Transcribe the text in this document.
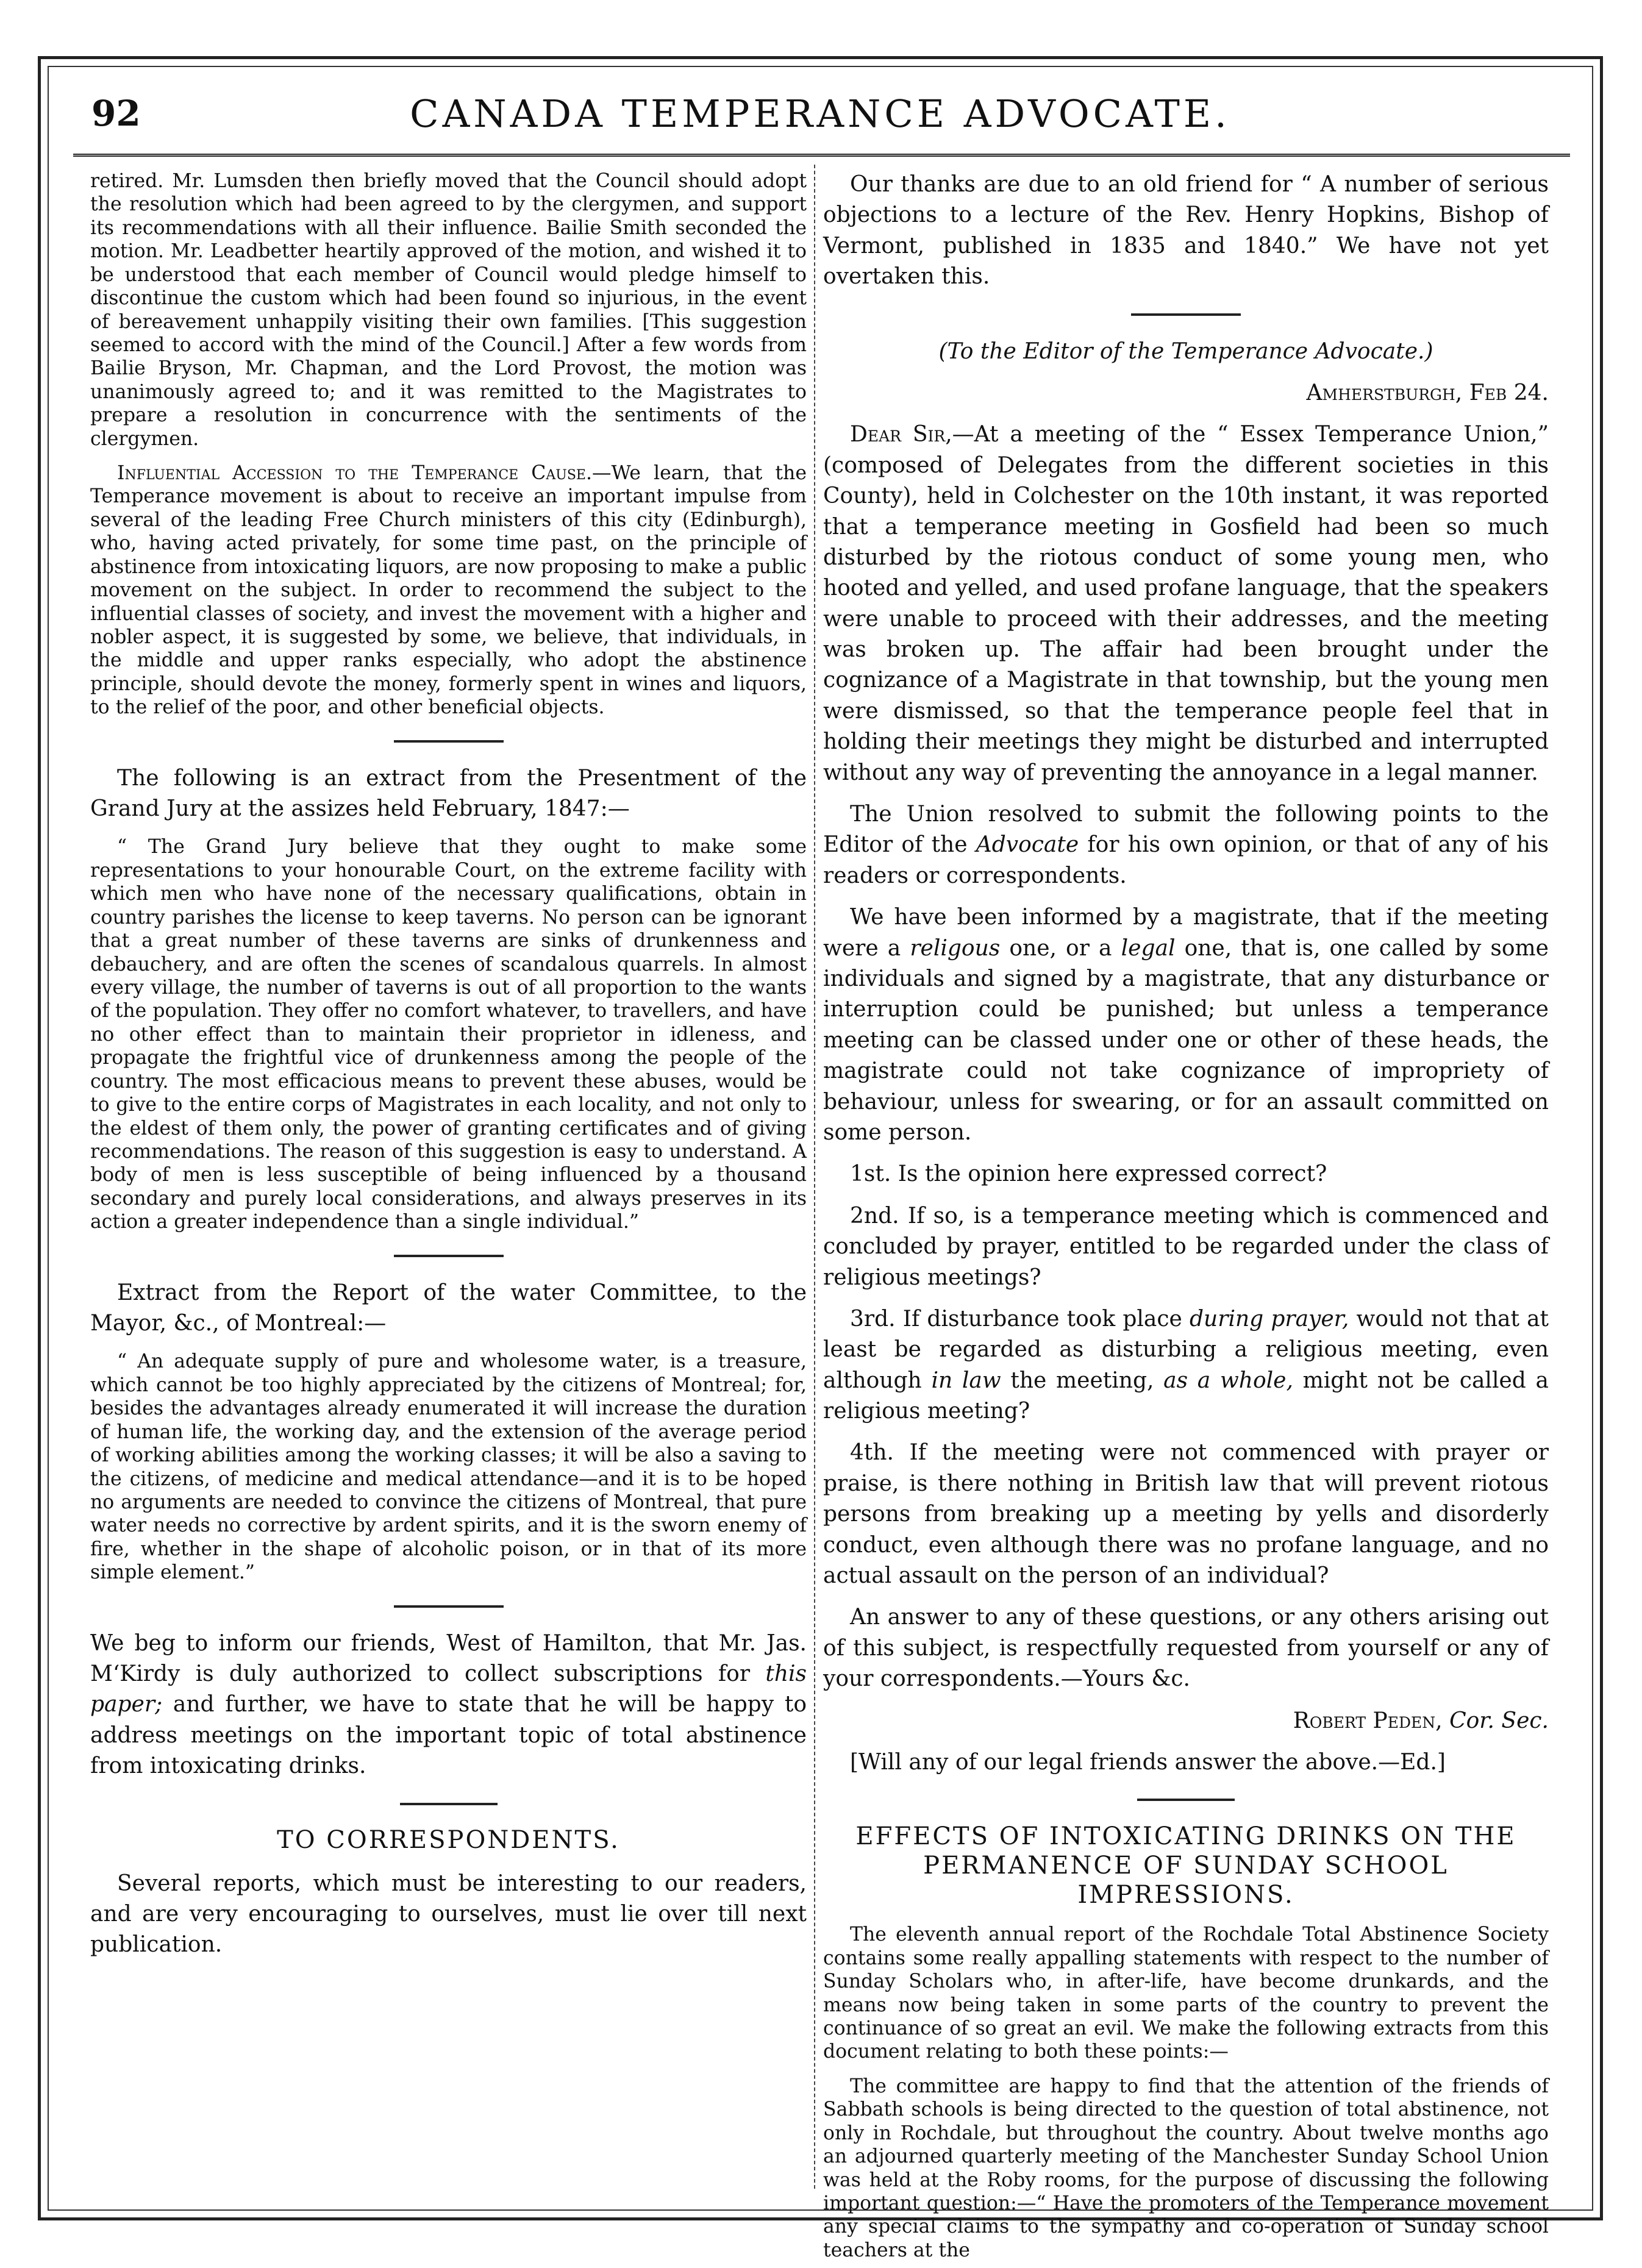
92	CANADA TEMPERANCE ADVOCATE.

retired. Mr. Lumsden then briefly moved that the Council should adopt the resolution which had been agreed to by the clergymen, and support its recommendations with all their influence. Bailie Smith seconded the motion. Mr. Leadbetter heartily approved of the motion, and wished it to be understood that each member of Council would pledge himself to discontinue the custom which had been found so injurious, in the event of bereavement unhappily visiting their own families. [This suggestion seemed to accord with the mind of the Council.] After a few words from Bailie Bryson, Mr. Chapman, and the Lord Provost, the motion was unanimously agreed to; and it was remitted to the Magistrates to prepare a resolution in concurrence with the sentiments of the clergymen.

Influential Accession to the Temperance Cause.—We learn, that the Temperance movement is about to receive an important impulse from several of the leading Free Church ministers of this city (Edinburgh), who, having acted privately, for some time past, on the principle of abstinence from intoxicating liquors, are now proposing to make a public movement on the subject. In order to recommend the subject to the influential classes of society, and invest the movement with a higher and nobler aspect, it is suggested by some, we believe, that individuals, in the middle and upper ranks especially, who adopt the abstinence principle, should devote the money, formerly spent in wines and liquors, to the relief of the poor, and other beneficial objects.

The following is an extract from the Presentment of the Grand Jury at the assizes held February, 1847:—

“ The Grand Jury believe that they ought to make some representations to your honourable Court, on the extreme facility with which men who have none of the necessary qualifications, obtain in country parishes the license to keep taverns. No person can be ignorant that a great number of these taverns are sinks of drunkenness and debauchery, and are often the scenes of scandalous quarrels. In almost every village, the number of taverns is out of all proportion to the wants of the population. They offer no comfort whatever, to travellers, and have no other effect than to maintain their proprietor in idleness, and propagate the frightful vice of drunkenness among the people of the country. The most efficacious means to prevent these abuses, would be to give to the entire corps of Magistrates in each locality, and not only to the eldest of them only, the power of granting certificates and of giving recommendations. The reason of this suggestion is easy to understand. A body of men is less susceptible of being influenced by a thousand secondary and purely local considerations, and always preserves in its action a greater independence than a single individual.”

Extract from the Report of the water Committee, to the Mayor, &c., of Montreal:—

“ An adequate supply of pure and wholesome water, is a treasure, which cannot be too highly appreciated by the citizens of Montreal; for, besides the advantages already enumerated it will increase the duration of human life, the working day, and the extension of the average period of working abilities among the working classes; it will be also a saving to the citizens, of medicine and medical attendance—and it is to be hoped no arguments are needed to convince the citizens of Montreal, that pure water needs no corrective by ardent spirits, and it is the sworn enemy of fire, whether in the shape of alcoholic poison, or in that of its more simple element.”

We beg to inform our friends, West of Hamilton, that Mr. Jas. M‘Kirdy is duly authorized to collect subscriptions for this paper; and further, we have to state that he will be happy to address meetings on the important topic of total abstinence from intoxicating drinks.

TO CORRESPONDENTS.

Several reports, which must be interesting to our readers, and are very encouraging to ourselves, must lie over till next publication.

Our thanks are due to an old friend for “ A number of serious objections to a lecture of the Rev. Henry Hopkins, Bishop of Vermont, published in 1835 and 1840.” We have not yet overtaken this.

(To the Editor of the Temperance Advocate.)

Amherstburgh, Feb 24.

Dear Sir,—At a meeting of the “ Essex Temperance Union,” (composed of Delegates from the different societies in this County), held in Colchester on the 10th instant, it was reported that a temperance meeting in Gosfield had been so much disturbed by the riotous conduct of some young men, who hooted and yelled, and used profane language, that the speakers were unable to proceed with their addresses, and the meeting was broken up. The affair had been brought under the cognizance of a Magistrate in that township, but the young men were dismissed, so that the temperance people feel that in holding their meetings they might be disturbed and interrupted without any way of preventing the annoyance in a legal manner.

The Union resolved to submit the following points to the Editor of the Advocate for his own opinion, or that of any of his readers or correspondents.

We have been informed by a magistrate, that if the meeting were a religous one, or a legal one, that is, one called by some individuals and signed by a magistrate, that any disturbance or interruption could be punished; but unless a temperance meeting can be classed under one or other of these heads, the magistrate could not take cognizance of impropriety of behaviour, unless for swearing, or for an assault committed on some person.

1st. Is the opinion here expressed correct?

2nd. If so, is a temperance meeting which is commenced and concluded by prayer, entitled to be regarded under the class of religious meetings?

3rd. If disturbance took place during prayer, would not that at least be regarded as disturbing a religious meeting, even although in law the meeting, as a whole, might not be called a religious meeting?

4th. If the meeting were not commenced with prayer or praise, is there nothing in British law that will prevent riotous persons from breaking up a meeting by yells and disorderly conduct, even although there was no profane language, and no actual assault on the person of an individual?

An answer to any of these questions, or any others arising out of this subject, is respectfully requested from yourself or any of your correspondents.—Yours &c.

Robert Peden, Cor. Sec.

[Will any of our legal friends answer the above.—Ed.]

EFFECTS OF INTOXICATING DRINKS ON THE PERMANENCE OF SUNDAY SCHOOL IMPRESSIONS.

The eleventh annual report of the Rochdale Total Abstinence Society contains some really appalling statements with respect to the number of Sunday Scholars who, in after-life, have become drunkards, and the means now being taken in some parts of the country to prevent the continuance of so great an evil. We make the following extracts from this document relating to both these points:—

The committee are happy to find that the attention of the friends of Sabbath schools is being directed to the question of total abstinence, not only in Rochdale, but throughout the country. About twelve months ago an adjourned quarterly meeting of the Manchester Sunday School Union was held at the Roby rooms, for the purpose of discussing the following important question:—“ Have the promoters of the Temperance movement any special claims to the sympathy and co-operation of Sunday school teachers at the
